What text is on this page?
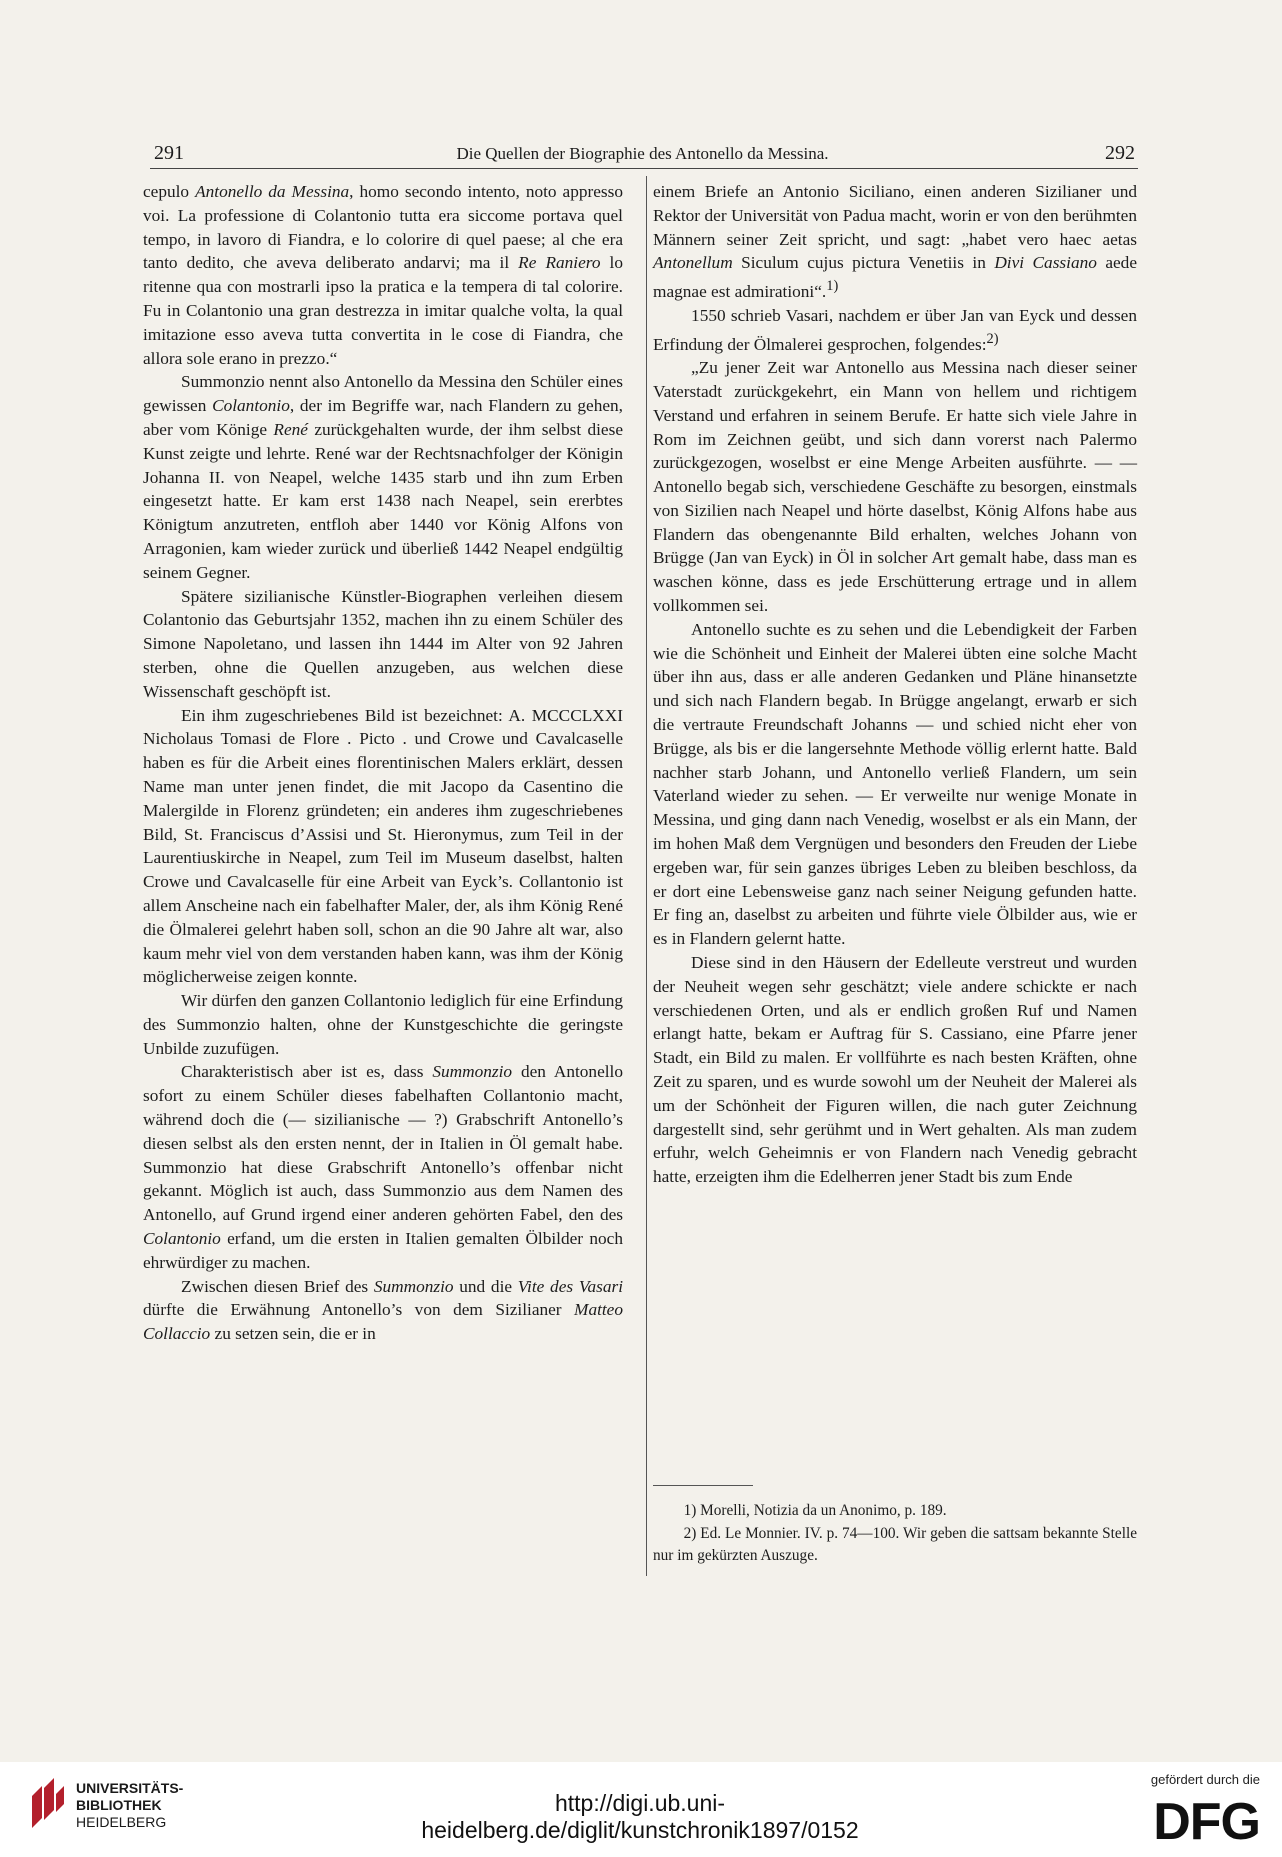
291	Die Quellen der Biographie des Antonello da Messina.	292

cepulo Antonello da Messina, homo secondo intento, noto appresso voi. La professione di Colantonio tutta era siccome portava quel tempo, in lavoro di Fiandra, e lo colorire di quel paese; al che era tanto dedito, che aveva deliberato andarvi; ma il Re Raniero lo ritenne qua con mostrarli ipso la pratica e la tempera di tal colorire. Fu in Colantonio una gran destrezza in imitar qualche volta, la qual imitazione esso aveva tutta convertita in le cose di Fiandra, che allora sole erano in prezzo.“

Summonzio nennt also Antonello da Messina den Schüler eines gewissen Colantonio, der im Begriffe war, nach Flandern zu gehen, aber vom Könige René zurückgehalten wurde, der ihm selbst diese Kunst zeigte und lehrte. René war der Rechtsnachfolger der Königin Johanna II. von Neapel, welche 1435 starb und ihn zum Erben eingesetzt hatte. Er kam erst 1438 nach Neapel, sein ererbtes Königtum anzutreten, entfloh aber 1440 vor König Alfons von Arragonien, kam wieder zurück und überließ 1442 Neapel endgültig seinem Gegner.

Spätere sizilianische Künstler-Biographen verleihen diesem Colantonio das Geburtsjahr 1352, machen ihn zu einem Schüler des Simone Napoletano, und lassen ihn 1444 im Alter von 92 Jahren sterben, ohne die Quellen anzugeben, aus welchen diese Wissenschaft geschöpft ist.

Ein ihm zugeschriebenes Bild ist bezeichnet: A. MCCCLXXI Nicholaus Tomasi de Flore . Picto . und Crowe und Cavalcaselle haben es für die Arbeit eines florentinischen Malers erklärt, dessen Name man unter jenen findet, die mit Jacopo da Casentino die Malergilde in Florenz gründeten; ein anderes ihm zugeschriebenes Bild, St. Franciscus d’Assisi und St. Hieronymus, zum Teil in der Laurentiuskirche in Neapel, zum Teil im Museum daselbst, halten Crowe und Cavalcaselle für eine Arbeit van Eyck’s. Collantonio ist allem Anscheine nach ein fabelhafter Maler, der, als ihm König René die Ölmalerei gelehrt haben soll, schon an die 90 Jahre alt war, also kaum mehr viel von dem verstanden haben kann, was ihm der König möglicherweise zeigen konnte.

Wir dürfen den ganzen Collantonio lediglich für eine Erfindung des Summonzio halten, ohne der Kunstgeschichte die geringste Unbilde zuzufügen.

Charakteristisch aber ist es, dass Summonzio den Antonello sofort zu einem Schüler dieses fabelhaften Collantonio macht, während doch die (— sizilianische — ?) Grabschrift Antonello’s diesen selbst als den ersten nennt, der in Italien in Öl gemalt habe. Summonzio hat diese Grabschrift Antonello’s offenbar nicht gekannt. Möglich ist auch, dass Summonzio aus dem Namen des Antonello, auf Grund irgend einer anderen gehörten Fabel, den des Colantonio erfand, um die ersten in Italien gemalten Ölbilder noch ehrwürdiger zu machen.

Zwischen diesen Brief des Summonzio und die Vite des Vasari dürfte die Erwähnung Antonello’s von dem Sizilianer Matteo Collaccio zu setzen sein, die er in

einem Briefe an Antonio Siciliano, einen anderen Sizilianer und Rektor der Universität von Padua macht, worin er von den berühmten Männern seiner Zeit spricht, und sagt: „habet vero haec aetas Antonellum Siculum cujus pictura Venetiis in Divi Cassiano aede magnae est admirationi“.$^{1)}$

1550 schrieb Vasari, nachdem er über Jan van Eyck und dessen Erfindung der Ölmalerei gesprochen, folgendes:$^{2)}$

„Zu jener Zeit war Antonello aus Messina nach dieser seiner Vaterstadt zurückgekehrt, ein Mann von hellem und richtigem Verstand und erfahren in seinem Berufe. Er hatte sich viele Jahre in Rom im Zeichnen geübt, und sich dann vorerst nach Palermo zurückgezogen, woselbst er eine Menge Arbeiten ausführte. — — Antonello begab sich, verschiedene Geschäfte zu besorgen, einstmals von Sizilien nach Neapel und hörte daselbst, König Alfons habe aus Flandern das obengenannte Bild erhalten, welches Johann von Brügge (Jan van Eyck) in Öl in solcher Art gemalt habe, dass man es waschen könne, dass es jede Erschütterung ertrage und in allem vollkommen sei.

Antonello suchte es zu sehen und die Lebendigkeit der Farben wie die Schönheit und Einheit der Malerei übten eine solche Macht über ihn aus, dass er alle anderen Gedanken und Pläne hinansetzte und sich nach Flandern begab. In Brügge angelangt, erwarb er sich die vertraute Freundschaft Johanns — und schied nicht eher von Brügge, als bis er die langersehnte Methode völlig erlernt hatte. Bald nachher starb Johann, und Antonello verließ Flandern, um sein Vaterland wieder zu sehen. — Er verweilte nur wenige Monate in Messina, und ging dann nach Venedig, woselbst er als ein Mann, der im hohen Maß dem Vergnügen und besonders den Freuden der Liebe ergeben war, für sein ganzes übriges Leben zu bleiben beschloss, da er dort eine Lebensweise ganz nach seiner Neigung gefunden hatte. Er fing an, daselbst zu arbeiten und führte viele Ölbilder aus, wie er es in Flandern gelernt hatte.

Diese sind in den Häusern der Edelleute verstreut und wurden der Neuheit wegen sehr geschätzt; viele andere schickte er nach verschiedenen Orten, und als er endlich großen Ruf und Namen erlangt hatte, bekam er Auftrag für S. Cassiano, eine Pfarre jener Stadt, ein Bild zu malen. Er vollführte es nach besten Kräften, ohne Zeit zu sparen, und es wurde sowohl um der Neuheit der Malerei als um der Schönheit der Figuren willen, die nach guter Zeichnung dargestellt sind, sehr gerühmt und in Wert gehalten. Als man zudem erfuhr, welch Geheimnis er von Flandern nach Venedig gebracht hatte, erzeigten ihm die Edelherren jener Stadt bis zum Ende

1) Morelli, Notizia da un Anonimo, p. 189.

2) Ed. Le Monnier. IV. p. 74—100. Wir geben die sattsam bekannte Stelle nur im gekürzten Auszuge.

UNIVERSITÄTS-
BIBLIOTHEK
HEIDELBERG
http://digi.ub.uni-heidelberg.de/diglit/kunstchronik1897/0152
gefördert durch die
DFG
